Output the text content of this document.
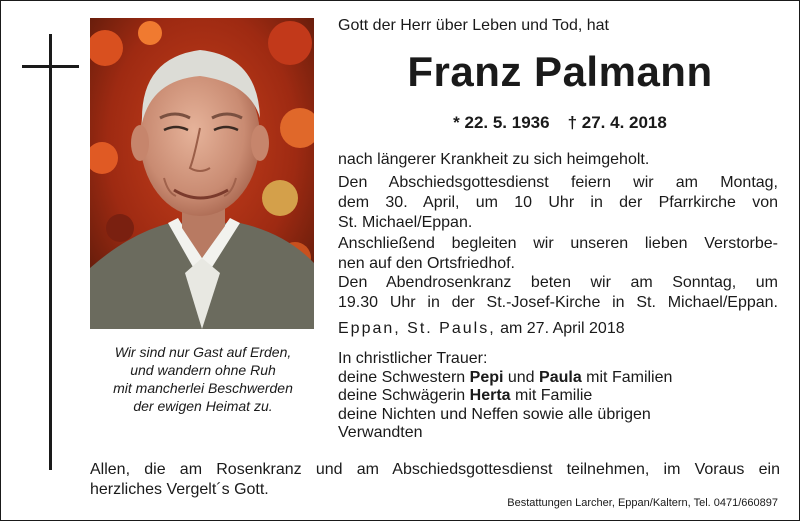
Wir sind nur Gast auf Erden,
und wandern ohne Ruh
mit mancherlei Beschwerden
der ewigen Heimat zu.
Gott der Herr über Leben und Tod, hat
Franz Palmann
* 22. 5. 1936 † 27. 4. 2018
nach längerer Krankheit zu sich heimgeholt.
Den Abschiedsgottesdienst feiern wir am Montag,
dem 30. April, um 10 Uhr in der Pfarrkirche von
St. Michael/Eppan.
Anschließend begleiten wir unseren lieben Verstorbe-
nen auf den Ortsfriedhof.
Den Abendrosenkranz beten wir am Sonntag, um
19.30 Uhr in der St.-Josef-Kirche in St. Michael/Eppan.
Eppan, St. Pauls, am 27. April 2018
In christlicher Trauer:
deine Schwestern Pepi und Paula mit Familien
deine Schwägerin Herta mit Familie
deine Nichten und Neffen sowie alle übrigen
Verwandten
Allen, die am Rosenkranz und am Abschiedsgottesdienst teilnehmen, im Voraus ein
herzliches Vergelt´s Gott.
Bestattungen Larcher, Eppan/Kaltern, Tel. 0471/660897
